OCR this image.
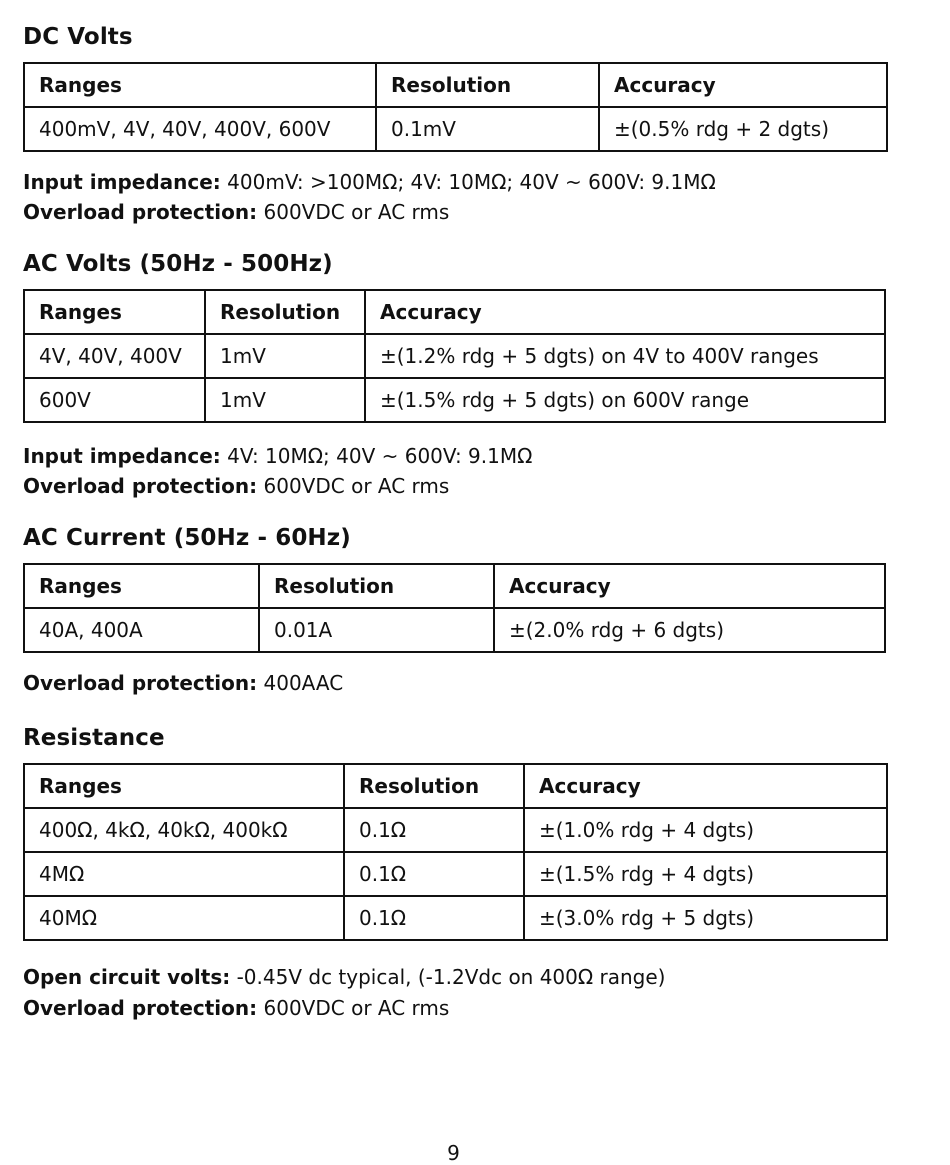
DC Volts
Ranges	Resolution	Accuracy
400mV, 4V, 40V, 400V, 600V	0.1mV	±(0.5% rdg + 2 dgts)

Input impedance: 400mV: >100MΩ; 4V: 10MΩ; 40V ~ 600V: 9.1MΩ

Overload protection: 600VDC or AC rms

AC Volts (50Hz - 500Hz)
Ranges	Resolution	Accuracy
4V, 40V, 400V	1mV	±(1.2% rdg + 5 dgts) on 4V to 400V ranges
600V	1mV	±(1.5% rdg + 5 dgts) on 600V range

Input impedance: 4V: 10MΩ; 40V ~ 600V: 9.1MΩ

Overload protection: 600VDC or AC rms

AC Current (50Hz - 60Hz)
Ranges	Resolution	Accuracy
40A, 400A	0.01A	±(2.0% rdg + 6 dgts)

Overload protection: 400AAC

Resistance
Ranges	Resolution	Accuracy
400Ω, 4kΩ, 40kΩ, 400kΩ	0.1Ω	±(1.0% rdg + 4 dgts)
4MΩ	0.1Ω	±(1.5% rdg + 4 dgts)
40MΩ	0.1Ω	±(3.0% rdg + 5 dgts)

Open circuit volts: -0.45V dc typical, (-1.2Vdc on 400Ω range)

Overload protection: 600VDC or AC rms

9
